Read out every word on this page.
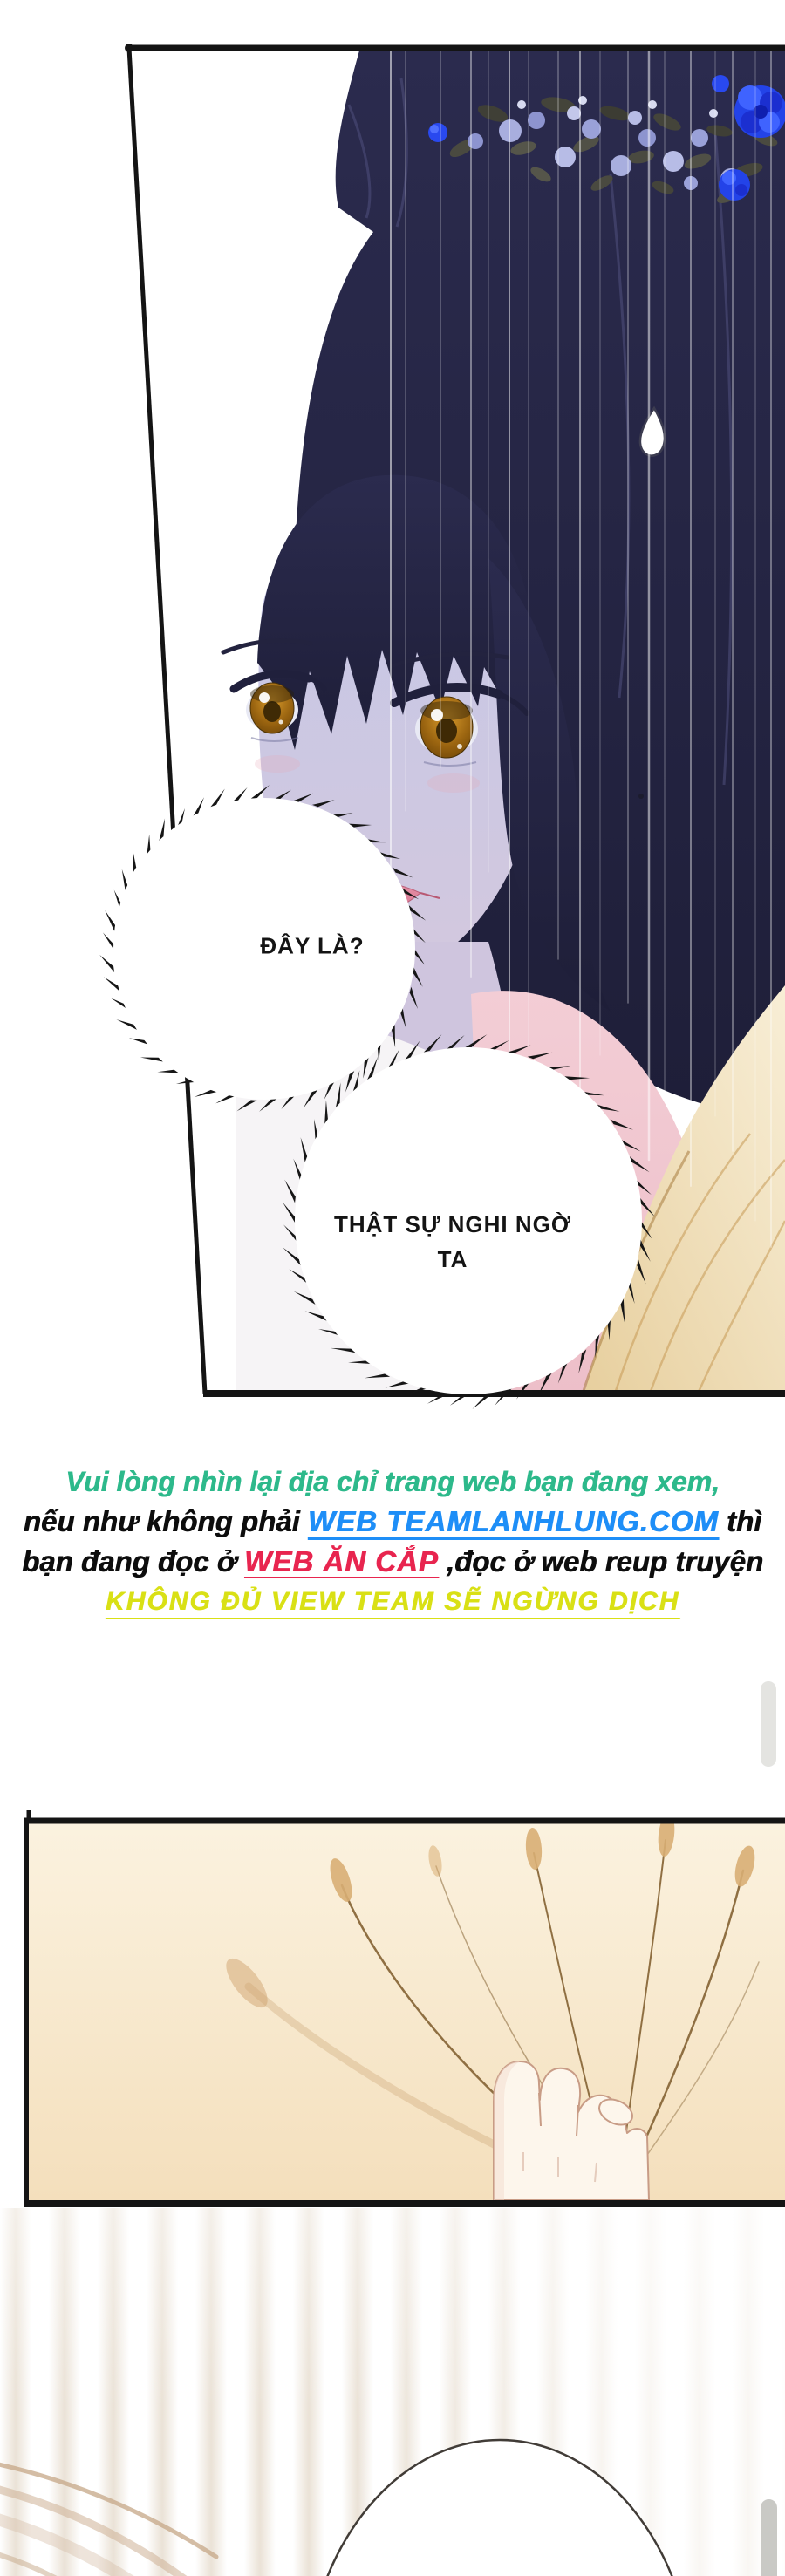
ĐÂY LÀ?
THẬT SỰ NGHI NGỜ
TA
Vui lòng nhìn lại địa chỉ trang web bạn đang xem,
nếu như không phải WEB TEAMLANHLUNG.COM thì
bạn đang đọc ở WEB ĂN CẮP ,đọc ở web reup truyện
KHÔNG ĐỦ VIEW TEAM SẼ NGỪNG DỊCH
